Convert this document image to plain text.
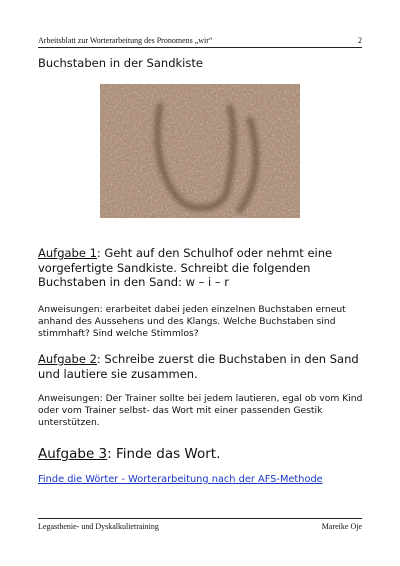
Arbeitsblatt zur Worterarbeitung des Pronomens „wir“	2
Buchstaben in der Sandkiste
Aufgabe 1: Geht auf den Schulhof oder nehmt eine vorgefertigte Sandkiste. Schreibt die folgenden Buchstaben in den Sand: w – i – r
Anweisungen: erarbeitet dabei jeden einzelnen Buchstaben erneut anhand des Aussehens und des Klangs. Welche Buchstaben sind stimmhaft? Sind welche Stimmlos?
Aufgabe 2: Schreibe zuerst die Buchstaben in den Sand und lautiere sie zusammen.
Anweisungen: Der Trainer sollte bei jedem lautieren, egal ob vom Kind oder vom Trainer selbst- das Wort mit einer passenden Gestik unterstützen.
Aufgabe 3: Finde das Wort.
Finde die Wörter - Worterarbeitung nach der AFS-Methode
Legasthenie- und Dyskalkulietraining	Mareike Oje
